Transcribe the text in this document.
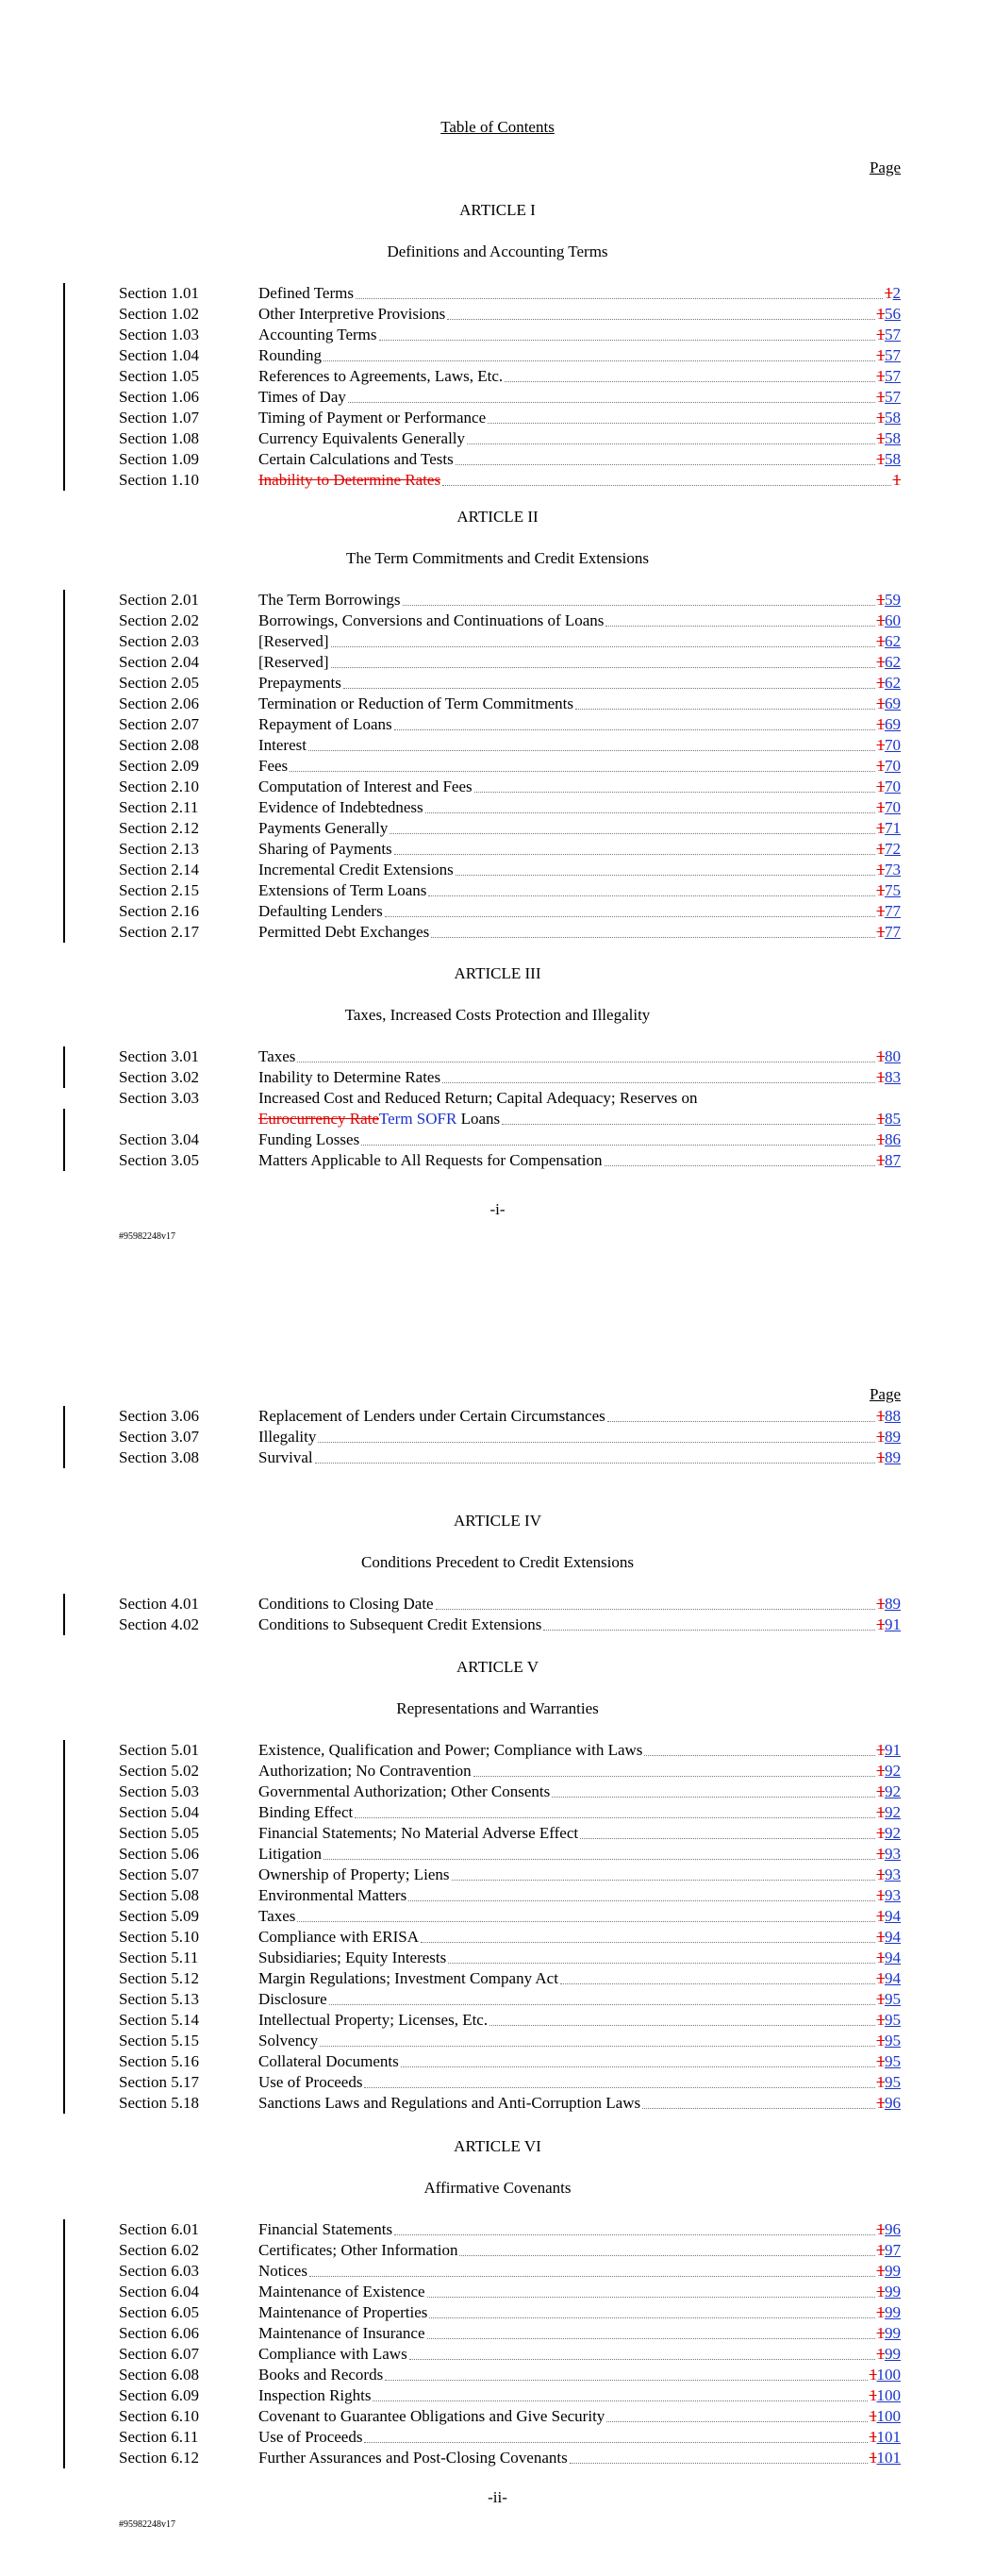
Table of Contents
Page
ARTICLE I
Definitions and Accounting Terms
Section 1.01	Defined Terms	12
Section 1.02	Other Interpretive Provisions	156
Section 1.03	Accounting Terms	157
Section 1.04	Rounding	157
Section 1.05	References to Agreements, Laws, Etc.	157
Section 1.06	Times of Day	157
Section 1.07	Timing of Payment or Performance	158
Section 1.08	Currency Equivalents Generally	158
Section 1.09	Certain Calculations and Tests	158
Section 1.10	Inability to Determine Rates	1
ARTICLE II
The Term Commitments and Credit Extensions
Section 2.01	The Term Borrowings	159
Section 2.02	Borrowings, Conversions and Continuations of Loans	160
Section 2.03	[Reserved]	162
Section 2.04	[Reserved]	162
Section 2.05	Prepayments	162
Section 2.06	Termination or Reduction of Term Commitments	169
Section 2.07	Repayment of Loans	169
Section 2.08	Interest	170
Section 2.09	Fees	170
Section 2.10	Computation of Interest and Fees	170
Section 2.11	Evidence of Indebtedness	170
Section 2.12	Payments Generally	171
Section 2.13	Sharing of Payments	172
Section 2.14	Incremental Credit Extensions	173
Section 2.15	Extensions of Term Loans	175
Section 2.16	Defaulting Lenders	177
Section 2.17	Permitted Debt Exchanges	177
ARTICLE III
Taxes, Increased Costs Protection and Illegality
Section 3.01	Taxes	180
Section 3.02	Inability to Determine Rates	183
Section 3.03	Increased Cost and Reduced Return; Capital Adequacy; Reserves on
Eurocurrency RateTerm SOFR Loans	185
Section 3.04	Funding Losses	186
Section 3.05	Matters Applicable to All Requests for Compensation	187
-i-
#95982248v17
Page
Section 3.06	Replacement of Lenders under Certain Circumstances	188
Section 3.07	Illegality	189
Section 3.08	Survival	189
ARTICLE IV
Conditions Precedent to Credit Extensions
Section 4.01	Conditions to Closing Date	189
Section 4.02	Conditions to Subsequent Credit Extensions	191
ARTICLE V
Representations and Warranties
Section 5.01	Existence, Qualification and Power; Compliance with Laws	191
Section 5.02	Authorization; No Contravention	192
Section 5.03	Governmental Authorization; Other Consents	192
Section 5.04	Binding Effect	192
Section 5.05	Financial Statements; No Material Adverse Effect	192
Section 5.06	Litigation	193
Section 5.07	Ownership of Property; Liens	193
Section 5.08	Environmental Matters	193
Section 5.09	Taxes	194
Section 5.10	Compliance with ERISA	194
Section 5.11	Subsidiaries; Equity Interests	194
Section 5.12	Margin Regulations; Investment Company Act	194
Section 5.13	Disclosure	195
Section 5.14	Intellectual Property; Licenses, Etc.	195
Section 5.15	Solvency	195
Section 5.16	Collateral Documents	195
Section 5.17	Use of Proceeds	195
Section 5.18	Sanctions Laws and Regulations and Anti-Corruption Laws	196
ARTICLE VI
Affirmative Covenants
Section 6.01	Financial Statements	196
Section 6.02	Certificates; Other Information	197
Section 6.03	Notices	199
Section 6.04	Maintenance of Existence	199
Section 6.05	Maintenance of Properties	199
Section 6.06	Maintenance of Insurance	199
Section 6.07	Compliance with Laws	199
Section 6.08	Books and Records	1100
Section 6.09	Inspection Rights	1100
Section 6.10	Covenant to Guarantee Obligations and Give Security	1100
Section 6.11	Use of Proceeds	1101
Section 6.12	Further Assurances and Post-Closing Covenants	1101
-ii-
#95982248v17
